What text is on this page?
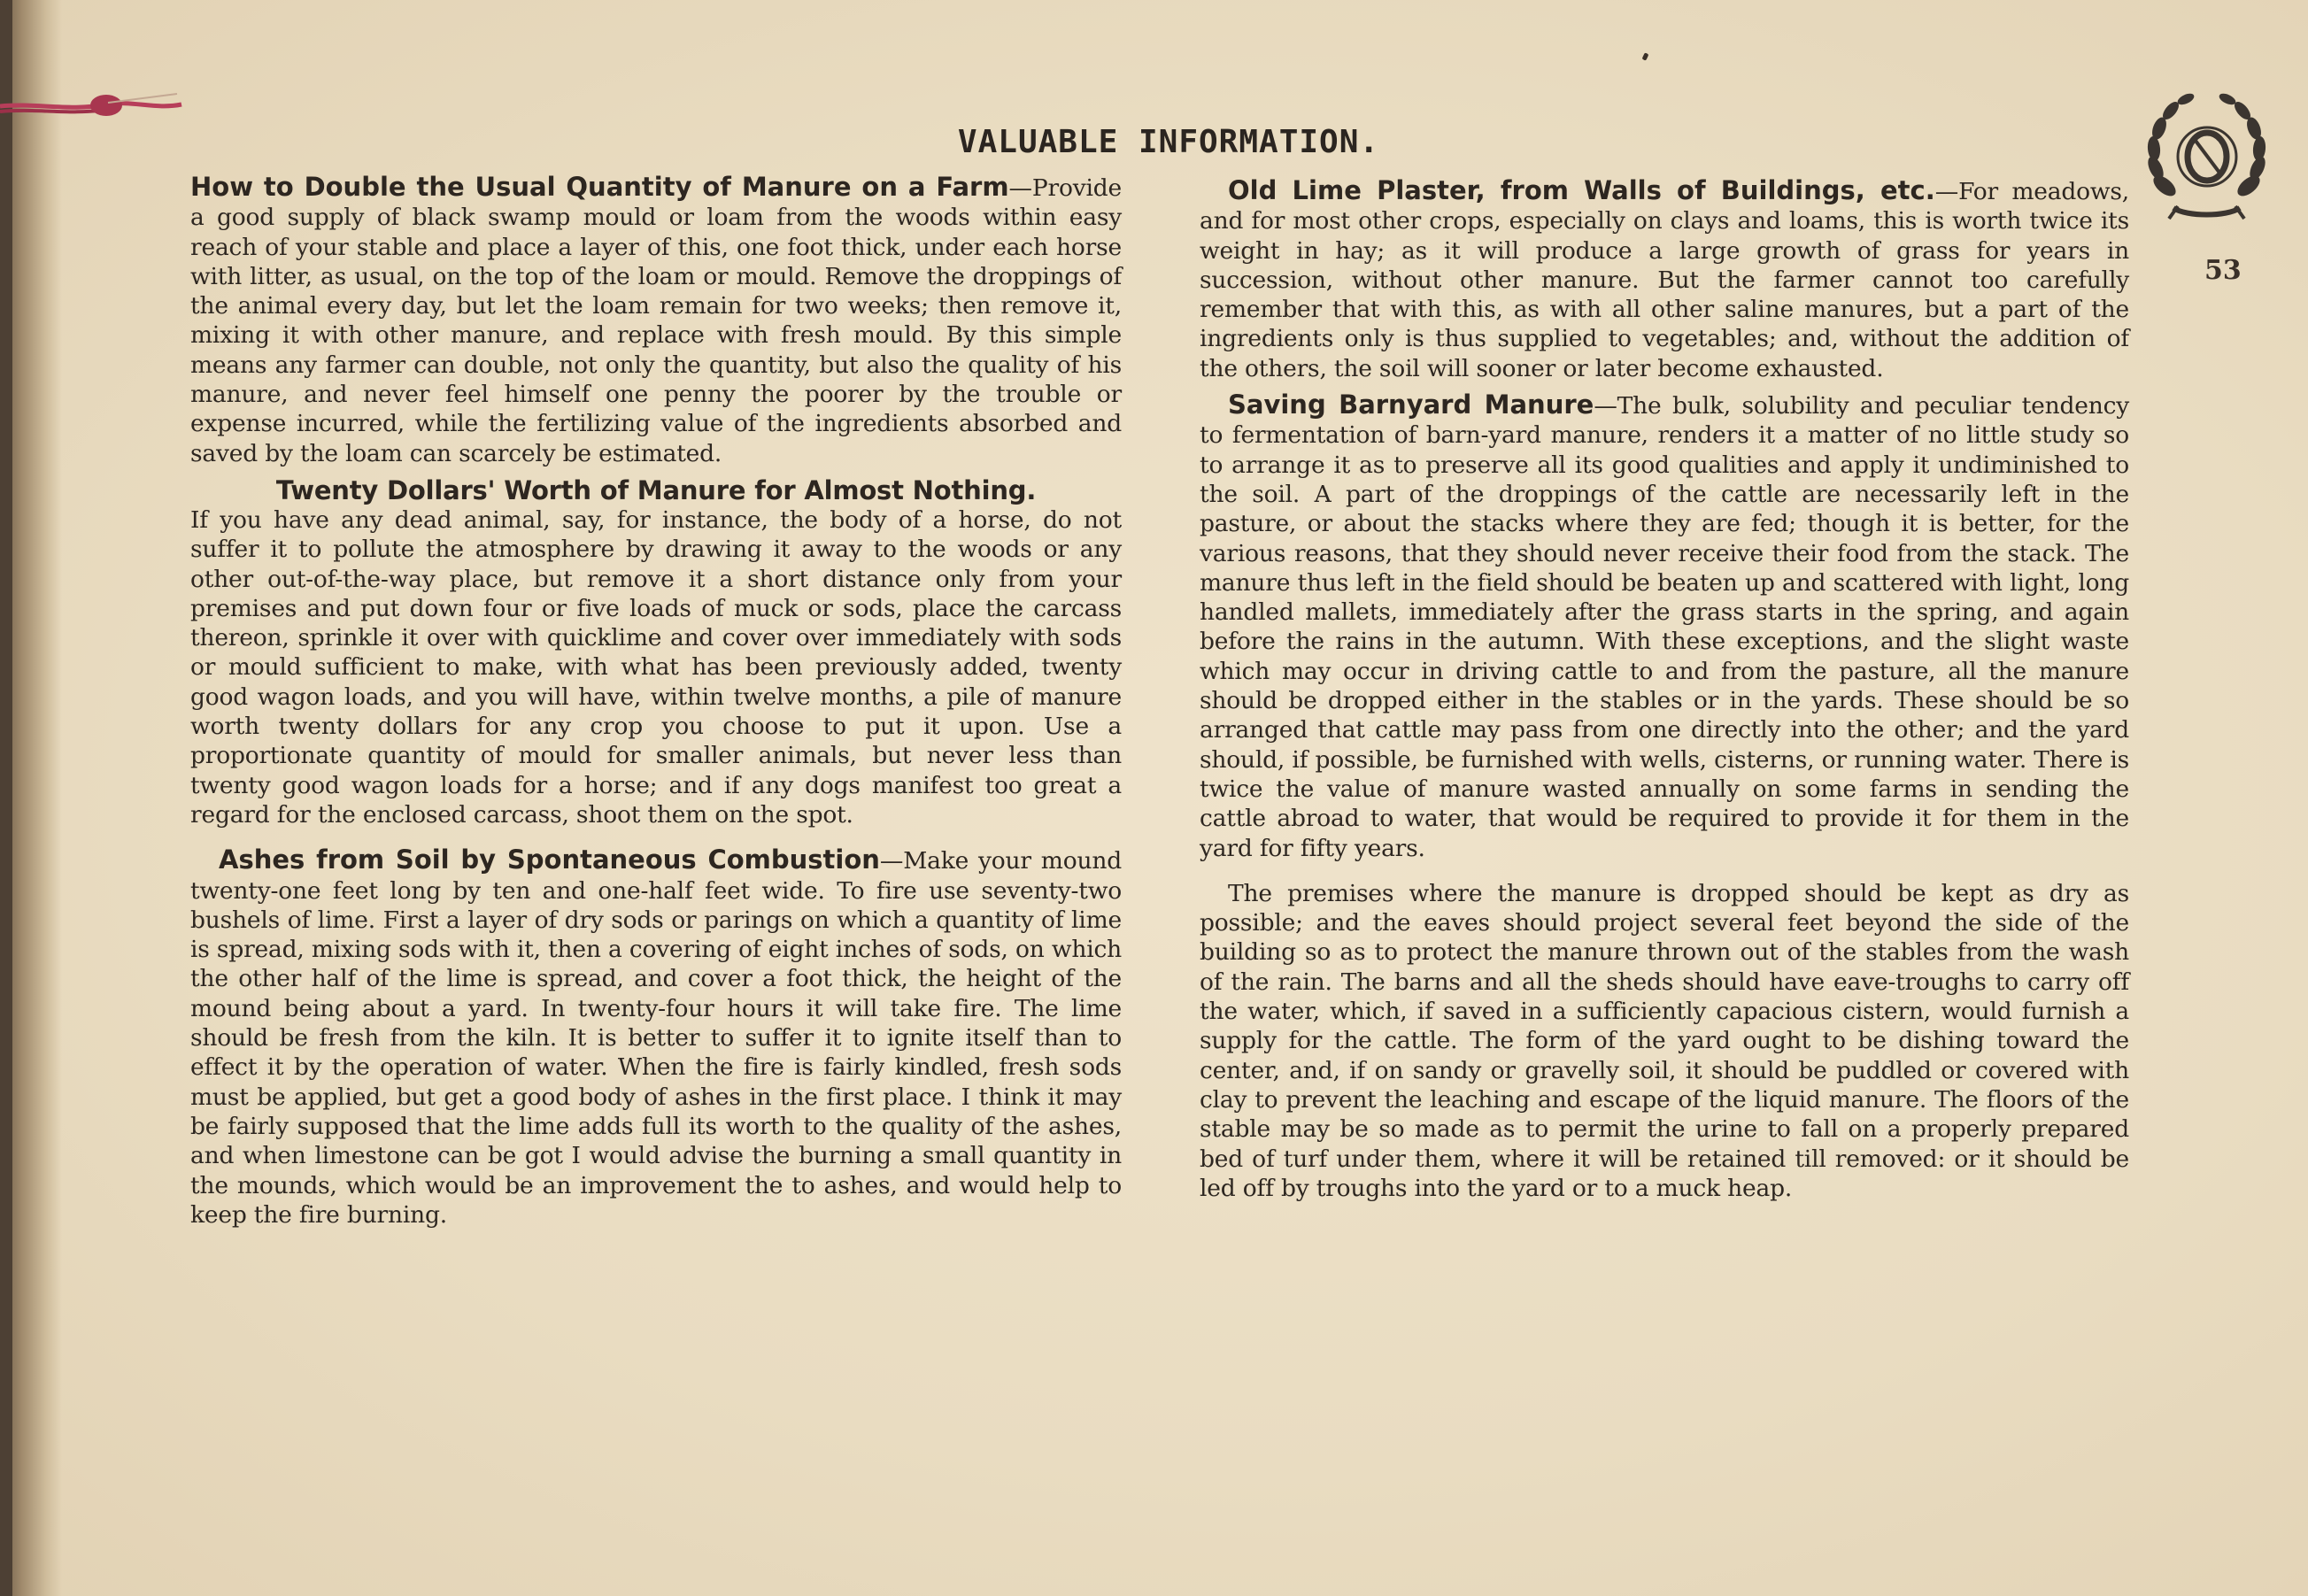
VALUABLE INFORMATION.
53

How to Double the Usual Quantity of Manure on a Farm—Provide a good supply of black swamp mould or loam from the woods within easy reach of your stable and place a layer of this, one foot thick, under each horse with litter, as usual, on the top of the loam or mould. Remove the droppings of the animal every day, but let the loam remain for two weeks; then remove it, mixing it with other manure, and replace with fresh mould. By this simple means any farmer can double, not only the quantity, but also the quality of his manure, and never feel himself one penny the poorer by the trouble or expense incurred, while the fertilizing value of the ingredients absorbed and saved by the loam can scarcely be estimated.

Twenty Dollars' Worth of Manure for Almost Nothing.

If you have any dead animal, say, for instance, the body of a horse, do not suffer it to pollute the atmosphere by drawing it away to the woods or any other out-of-the-way place, but remove it a short distance only from your premises and put down four or five loads of muck or sods, place the carcass thereon, sprinkle it over with quicklime and cover over immediately with sods or mould sufficient to make, with what has been previously added, twenty good wagon loads, and you will have, within twelve months, a pile of manure worth twenty dollars for any crop you choose to put it upon. Use a proportionate quantity of mould for smaller animals, but never less than twenty good wagon loads for a horse; and if any dogs manifest too great a regard for the enclosed carcass, shoot them on the spot.

Ashes from Soil by Spontaneous Combustion—Make your mound twenty-one feet long by ten and one-half feet wide. To fire use seventy-two bushels of lime. First a layer of dry sods or parings on which a quantity of lime is spread, mixing sods with it, then a covering of eight inches of sods, on which the other half of the lime is spread, and cover a foot thick, the height of the mound being about a yard. In twenty-four hours it will take fire. The lime should be fresh from the kiln. It is better to suffer it to ignite itself than to effect it by the operation of water. When the fire is fairly kindled, fresh sods must be applied, but get a good body of ashes in the first place. I think it may be fairly supposed that the lime adds full its worth to the quality of the ashes, and when limestone can be got I would advise the burning a small quantity in the mounds, which would be an improvement the to ashes, and would help to keep the fire burning.

Old Lime Plaster, from Walls of Buildings, etc.—For meadows, and for most other crops, especially on clays and loams, this is worth twice its weight in hay; as it will produce a large growth of grass for years in succession, without other manure. But the farmer cannot too carefully remember that with this, as with all other saline manures, but a part of the ingredients only is thus supplied to vegetables; and, without the addition of the others, the soil will sooner or later become exhausted.

Saving Barnyard Manure—The bulk, solubility and peculiar tendency to fermentation of barn-yard manure, renders it a matter of no little study so to arrange it as to preserve all its good qualities and apply it undiminished to the soil. A part of the droppings of the cattle are necessarily left in the pasture, or about the stacks where they are fed; though it is better, for the various reasons, that they should never receive their food from the stack. The manure thus left in the field should be beaten up and scattered with light, long handled mallets, immediately after the grass starts in the spring, and again before the rains in the autumn. With these exceptions, and the slight waste which may occur in driving cattle to and from the pasture, all the manure should be dropped either in the stables or in the yards. These should be so arranged that cattle may pass from one directly into the other; and the yard should, if possible, be furnished with wells, cisterns, or running water. There is twice the value of manure wasted annually on some farms in sending the cattle abroad to water, that would be required to provide it for them in the yard for fifty years.

The premises where the manure is dropped should be kept as dry as possible; and the eaves should project several feet beyond the side of the building so as to protect the manure thrown out of the stables from the wash of the rain. The barns and all the sheds should have eave-troughs to carry off the water, which, if saved in a sufficiently capacious cistern, would furnish a supply for the cattle. The form of the yard ought to be dishing toward the center, and, if on sandy or gravelly soil, it should be puddled or covered with clay to prevent the leaching and escape of the liquid manure. The floors of the stable may be so made as to permit the urine to fall on a properly prepared bed of turf under them, where it will be retained till removed: or it should be led off by troughs into the yard or to a muck heap.
